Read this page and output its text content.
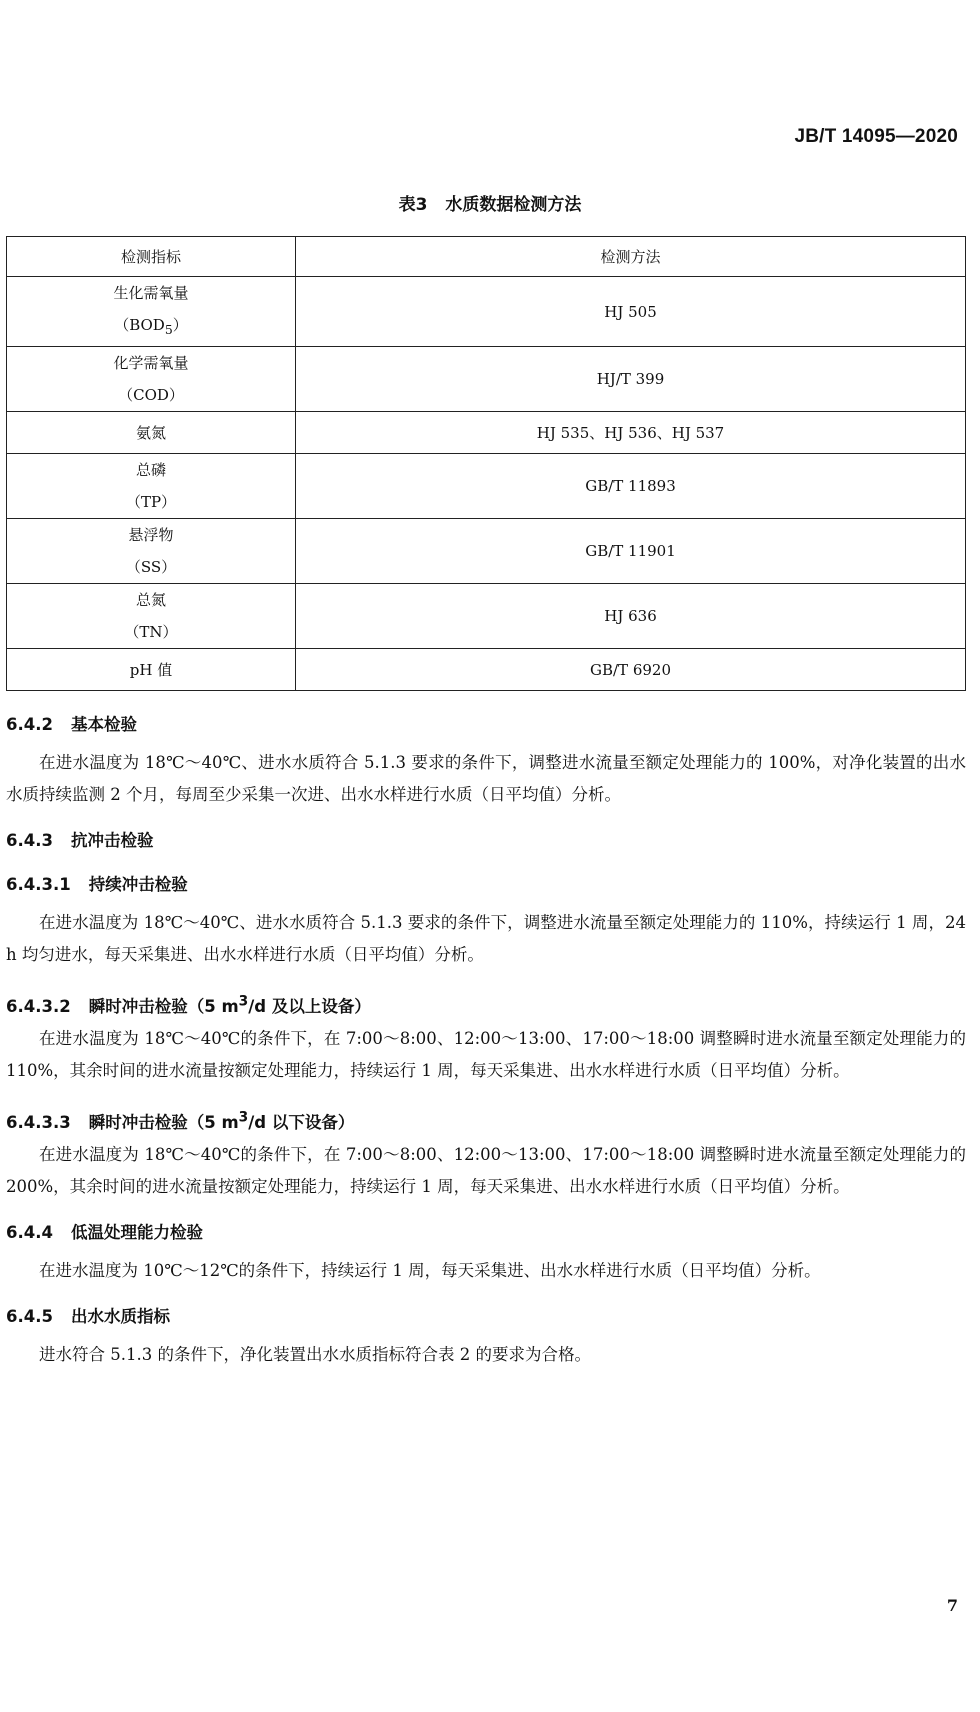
JB/T 14095—2020
表3 水质数据检测方法
检测指标	检测方法

生化需氧量
$(BOD_5)$	HJ 505

化学需氧量
（COD）	HJ/T 399
氨氮	HJ 535、HJ 536、HJ 537

总磷
（TP）	GB/T 11893

悬浮物
（SS）	GB/T 11901

总氮
（TN）	HJ 636
pH 值	GB/T 6920
6.4.2 基本检验

在进水温度为 18℃～40℃、进水水质符合 5.1.3 要求的条件下，调整进水流量至额定处理能力的 100%，对净化装置的出水水质持续监测 2 个月，每周至少采集一次进、出水水样进行水质（日平均值）分析。

6.4.3 抗冲击检验
6.4.3.1 持续冲击检验

在进水温度为 18℃～40℃、进水水质符合 5.1.3 要求的条件下，调整进水流量至额定处理能力的 110%，持续运行 1 周，24 h 均匀进水，每天采集进、出水水样进行水质（日平均值）分析。

6.4.3.2 瞬时冲击检验（5 $m^3/d$ 及以上设备）

在进水温度为 18℃～40℃的条件下，在 7:00～8:00、12:00～13:00、17:00～18:00 调整瞬时进水流量至额定处理能力的 110%，其余时间的进水流量按额定处理能力，持续运行 1 周，每天采集进、出水水样进行水质（日平均值）分析。

6.4.3.3 瞬时冲击检验（5 $m^3/d$ 以下设备）

在进水温度为 18℃～40℃的条件下，在 7:00～8:00、12:00～13:00、17:00～18:00 调整瞬时进水流量至额定处理能力的 200%，其余时间的进水流量按额定处理能力，持续运行 1 周，每天采集进、出水水样进行水质（日平均值）分析。

6.4.4 低温处理能力检验

在进水温度为 10℃～12℃的条件下，持续运行 1 周，每天采集进、出水水样进行水质（日平均值）分析。

6.4.5 出水水质指标

进水符合 5.1.3 的条件下，净化装置出水水质指标符合表 2 的要求为合格。

7
